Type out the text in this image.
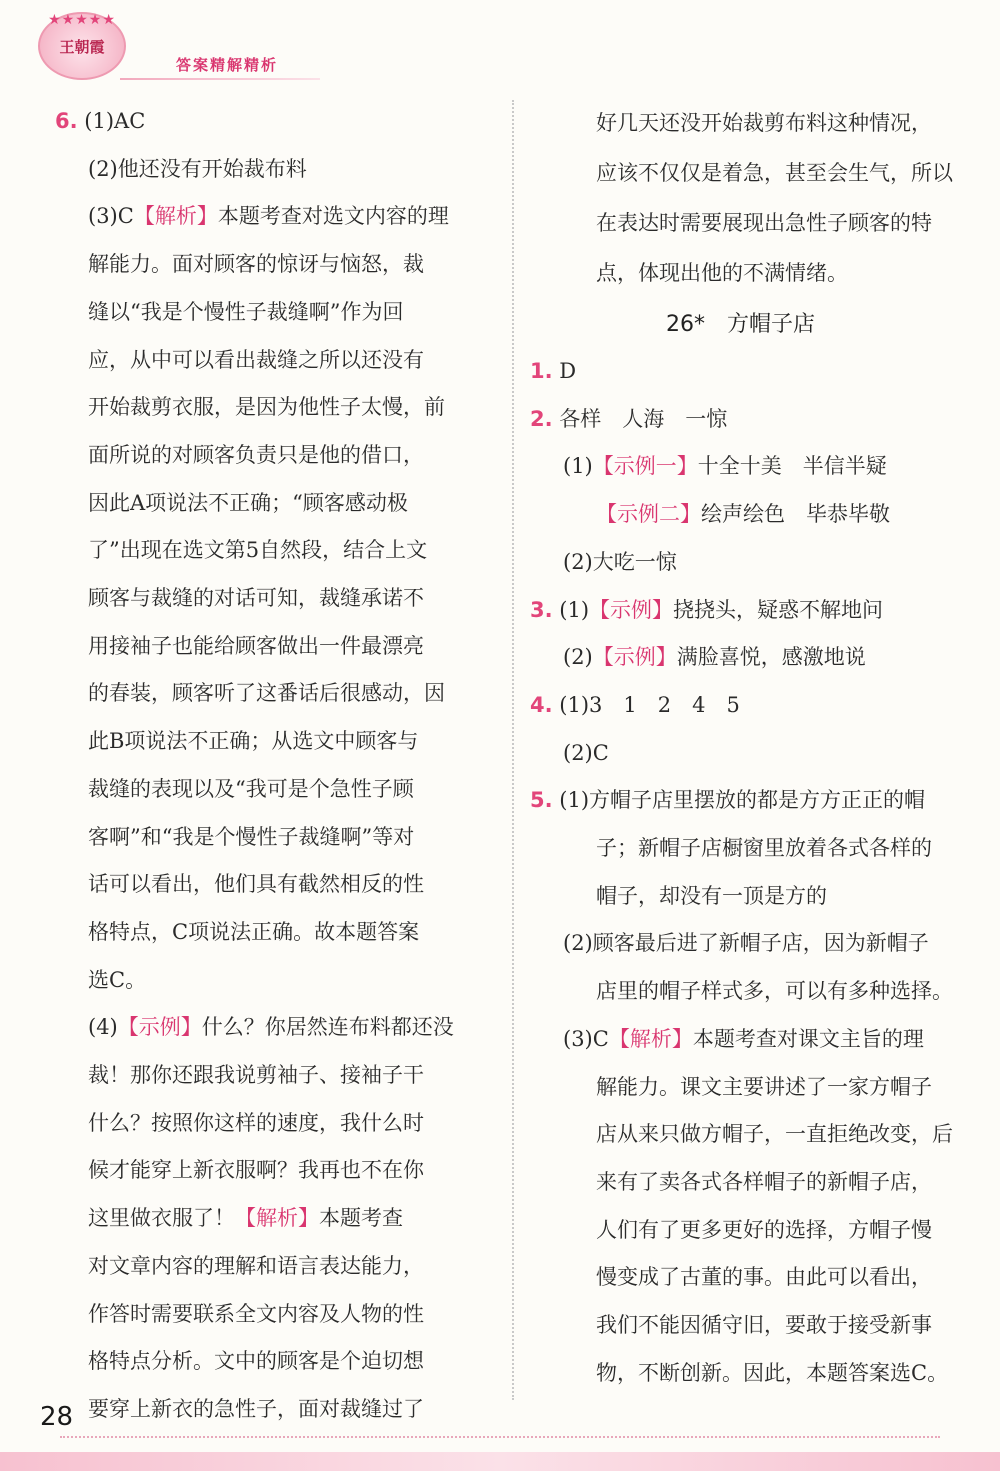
★★★★★
王朝霞
答案精解精析
6. (1)AC
(2)他还没有开始裁布料
(3)C【解析】本题考查对选文内容的理
解能力。面对顾客的惊讶与恼怒，裁
缝以“我是个慢性子裁缝啊”作为回
应，从中可以看出裁缝之所以还没有
开始裁剪衣服，是因为他性子太慢，前
面所说的对顾客负责只是他的借口，
因此A项说法不正确；“顾客感动极
了”出现在选文第5自然段，结合上文
顾客与裁缝的对话可知，裁缝承诺不
用接袖子也能给顾客做出一件最漂亮
的春装，顾客听了这番话后很感动，因
此B项说法不正确；从选文中顾客与
裁缝的表现以及“我可是个急性子顾
客啊”和“我是个慢性子裁缝啊”等对
话可以看出，他们具有截然相反的性
格特点，C项说法正确。故本题答案
选C。
(4)【示例】什么？你居然连布料都还没
裁！那你还跟我说剪袖子、接袖子干
什么？按照你这样的速度，我什么时
候才能穿上新衣服啊？我再也不在你
这里做衣服了！【解析】本题考查
对文章内容的理解和语言表达能力，
作答时需要联系全文内容及人物的性
格特点分析。文中的顾客是个迫切想
要穿上新衣的急性子，面对裁缝过了
好几天还没开始裁剪布料这种情况，
应该不仅仅是着急，甚至会生气，所以
在表达时需要展现出急性子顾客的特
点，体现出他的不满情绪。
26*　方帽子店
1. D
2. 各样　人海　一惊
(1)【示例一】十全十美　半信半疑
【示例二】绘声绘色　毕恭毕敬
(2)大吃一惊
3. (1)【示例】挠挠头，疑惑不解地问
(2)【示例】满脸喜悦，感激地说
4. (1)3　1　2　4　5
(2)C
5. (1)方帽子店里摆放的都是方方正正的帽
子；新帽子店橱窗里放着各式各样的
帽子，却没有一顶是方的
(2)顾客最后进了新帽子店，因为新帽子
店里的帽子样式多，可以有多种选择。
(3)C【解析】本题考查对课文主旨的理
解能力。课文主要讲述了一家方帽子
店从来只做方帽子，一直拒绝改变，后
来有了卖各式各样帽子的新帽子店，
人们有了更多更好的选择，方帽子慢
慢变成了古董的事。由此可以看出，
我们不能因循守旧，要敢于接受新事
物，不断创新。因此，本题答案选C。
28
